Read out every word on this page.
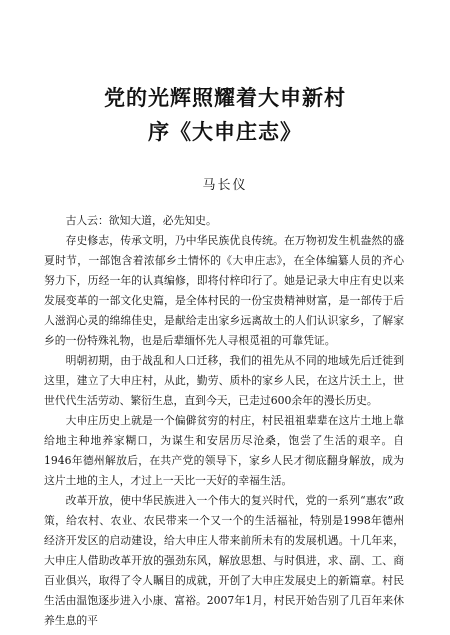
党的光辉照耀着大申新村
序《大申庄志》
马长仪

古人云：欲知大道，必先知史。

存史修志，传承文明，乃中华民族优良传统。在万物初发生机盎然的盛夏时节，一部饱含着浓郁乡土情怀的《大申庄志》，在全体编纂人员的齐心努力下，历经一年的认真编修，即将付梓印行了。她是记录大申庄有史以来发展变革的一部文化史篇，是全体村民的一份宝贵精神财富，是一部传于后人滋润心灵的绵绵佳史，是献给走出家乡远离故土的人们认识家乡，了解家乡的一份特殊礼物，也是后辈缅怀先人寻根觅祖的可靠凭证。

明朝初期，由于战乱和人口迁移，我们的祖先从不同的地域先后迁徙到这里，建立了大申庄村，从此，勤劳、质朴的家乡人民，在这片沃土上，世世代代生活劳动、繁衍生息，直到今天，已走过600余年的漫长历史。

大申庄历史上就是一个偏僻贫穷的村庄，村民祖祖辈辈在这片土地上靠给地主种地养家糊口，为谋生和安居历尽沧桑，饱尝了生活的艰辛。自1946年德州解放后，在共产党的领导下，家乡人民才彻底翻身解放，成为这片土地的主人，才过上一天比一天好的幸福生活。

改革开放，使中华民族进入一个伟大的复兴时代，党的一系列“惠农”政策，给农村、农业、农民带来一个又一个的生活福祉，特别是1998年德州经济开发区的启动建设，给大申庄人带来前所未有的发展机遇。十几年来，大申庄人借助改革开放的强劲东风，解放思想、与时俱进，求、副、工、商百业俱兴，取得了令人瞩目的成就，开创了大申庄发展史上的新篇章。村民生活由温饱逐步进入小康、富裕。2007年1月，村民开始告别了几百年来休养生息的平
